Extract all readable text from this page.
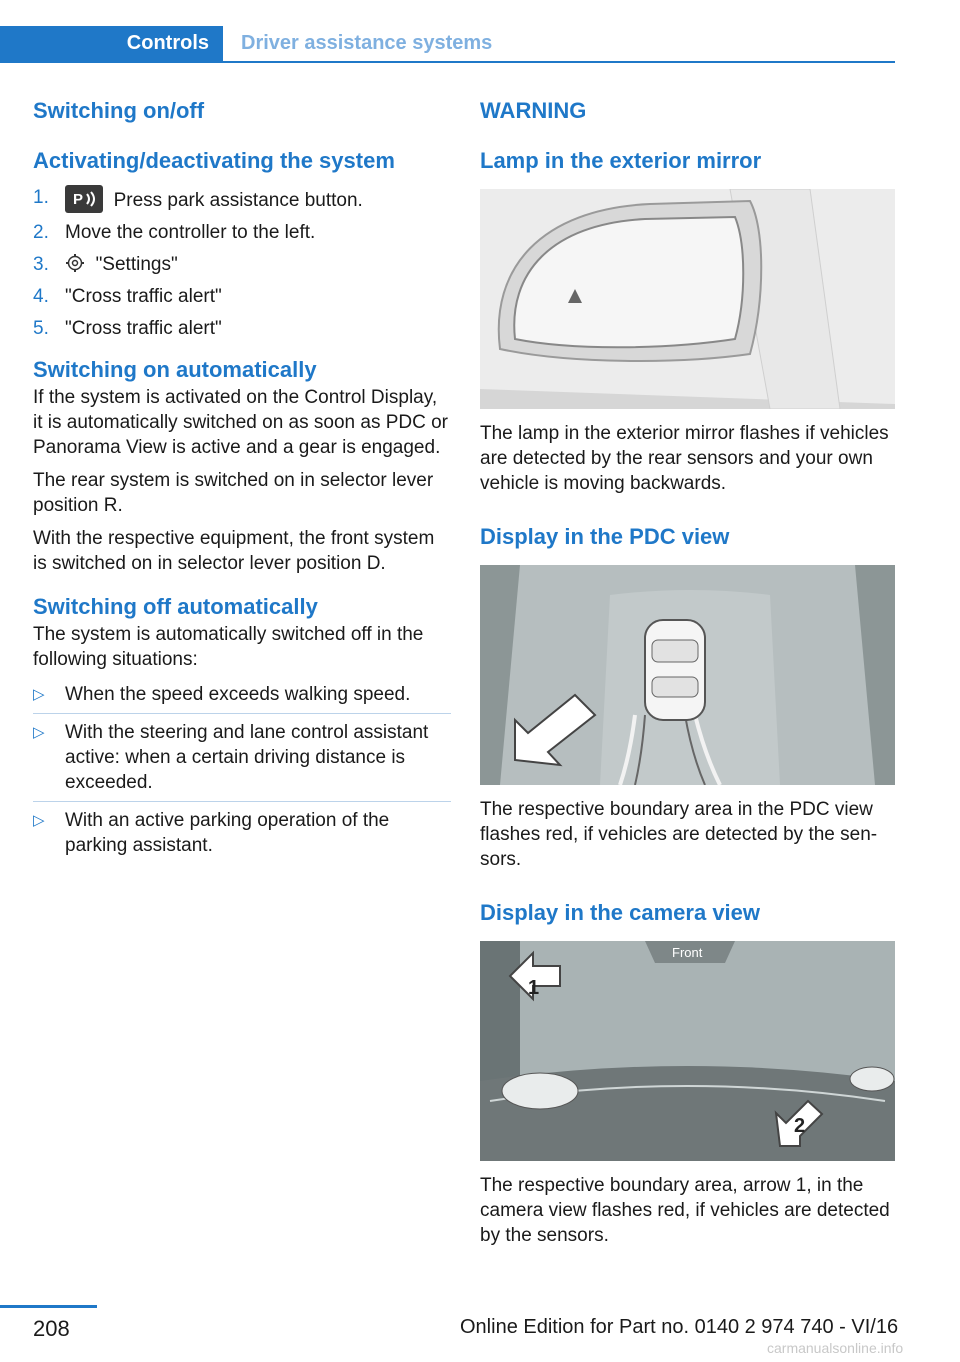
Controls	Driver assistance systems
Switching on/off
Activating/deactivating the system
1. P Press park assistance button.
2. Move the controller to the left.
3. "Settings"
4. "Cross traffic alert"
5. "Cross traffic alert"
Switching on automatically

If the system is activated on the Control Display, it is automatically switched on as soon as PDC or Panorama View is active and a gear is engaged.

The rear system is switched on in selector lever position R.

With the respective equipment, the front system is switched on in selector lever position D.

Switching off automatically

The system is automatically switched off in the following situations:

▷ When the speed exceeds walking speed.
▷ With the steering and lane control assistant active: when a certain driving distance is exceeded.
▷ With an active parking operation of the parking assistant.
WARNING
Lamp in the exterior mirror

The lamp in the exterior mirror flashes if vehicles are detected by the rear sensors and your own vehicle is moving backwards.

Display in the PDC view

The respective boundary area in the PDC view flashes red, if vehicles are detected by the sensors.

Display in the camera view
Front
1
2

The respective boundary area, arrow 1, in the camera view flashes red, if vehicles are detected by the sensors.

208	Online Edition for Part no. 0140 2 974 740 - VI/16
carmanualsonline.info
